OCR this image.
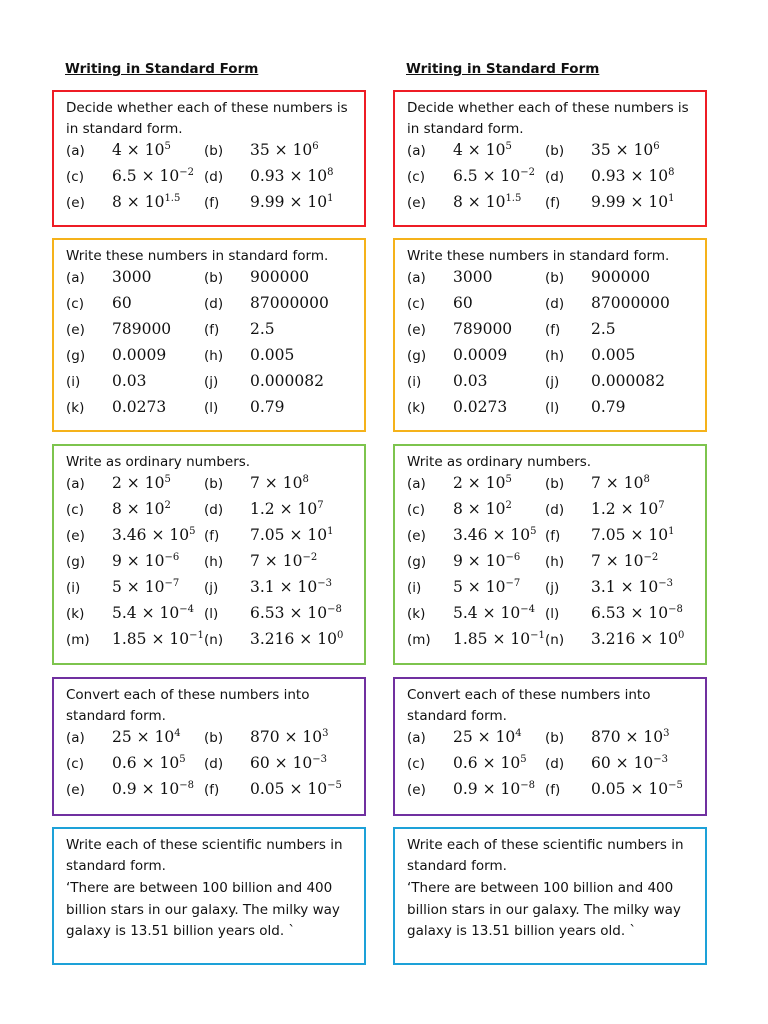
Writing in Standard Form
Decide whether each of these numbers is in standard form.
(a)	$4 \times 10^5$	(b)	$35 \times 10^6$
(c)	$6.5 \times 10^{-2}$ (d)	$0.93 \times 10^8$
(e)	$8 \times 10^{1.5}$	(f)	$9.99 \times 10^1$
Write these numbers in standard form.
(a)	3000	(b)	900000
(c)	60	(d)	87000000
(e)	789000	(f)	2.5
(g)	0.0009	(h)	0.005
(i)	0.03	(j)	0.000082
(k)	0.0273	(l)	0.79
Write as ordinary numbers.
(a)	$2 \times 10^5$	(b)	$7 \times 10^8$
(c)	$8 \times 10^2$	(d)	$1.2 \times 10^7$
(e)	$3.46 \times 10^5$ (f)	$7.05 \times 10^1$
(g)	$9 \times 10^{-6}$	(h)	$7 \times 10^{-2}$
(i)	$5 \times 10^{-7}$	(j)	$3.1 \times 10^{-3}$
(k)	$5.4 \times 10^{-4}$ (l)	$6.53 \times 10^{-8}$
(m)	$1.85 \times 10^{-1}$ (n)	$3.216 \times 10^0$
Convert each of these numbers into standard form.
(a)	$25 \times 10^4$	(b)	$870 \times 10^3$
(c)	$0.6 \times 10^5$	(d)	$60 \times 10^{-3}$
(e)	$0.9 \times 10^{-8}$ (f)	$0.05 \times 10^{-5}$
Write each of these scientific numbers in standard form.
‘There are between 100 billion and 400 billion stars in our galaxy. The milky way galaxy is 13.51 billion years old. `
Writing in Standard Form
Decide whether each of these numbers is in standard form.
(a)	$4 \times 10^5$	(b)	$35 \times 10^6$
(c)	$6.5 \times 10^{-2}$ (d)	$0.93 \times 10^8$
(e)	$8 \times 10^{1.5}$	(f)	$9.99 \times 10^1$
Write these numbers in standard form.
(a)	3000	(b)	900000
(c)	60	(d)	87000000
(e)	789000	(f)	2.5
(g)	0.0009	(h)	0.005
(i)	0.03	(j)	0.000082
(k)	0.0273	(l)	0.79
Write as ordinary numbers.
(a)	$2 \times 10^5$	(b)	$7 \times 10^8$
(c)	$8 \times 10^2$	(d)	$1.2 \times 10^7$
(e)	$3.46 \times 10^5$ (f)	$7.05 \times 10^1$
(g)	$9 \times 10^{-6}$	(h)	$7 \times 10^{-2}$
(i)	$5 \times 10^{-7}$	(j)	$3.1 \times 10^{-3}$
(k)	$5.4 \times 10^{-4}$ (l)	$6.53 \times 10^{-8}$
(m)	$1.85 \times 10^{-1}$ (n)	$3.216 \times 10^0$
Convert each of these numbers into standard form.
(a)	$25 \times 10^4$	(b)	$870 \times 10^3$
(c)	$0.6 \times 10^5$	(d)	$60 \times 10^{-3}$
(e)	$0.9 \times 10^{-8}$ (f)	$0.05 \times 10^{-5}$
Write each of these scientific numbers in standard form.
‘There are between 100 billion and 400 billion stars in our galaxy. The milky way galaxy is 13.51 billion years old. `
